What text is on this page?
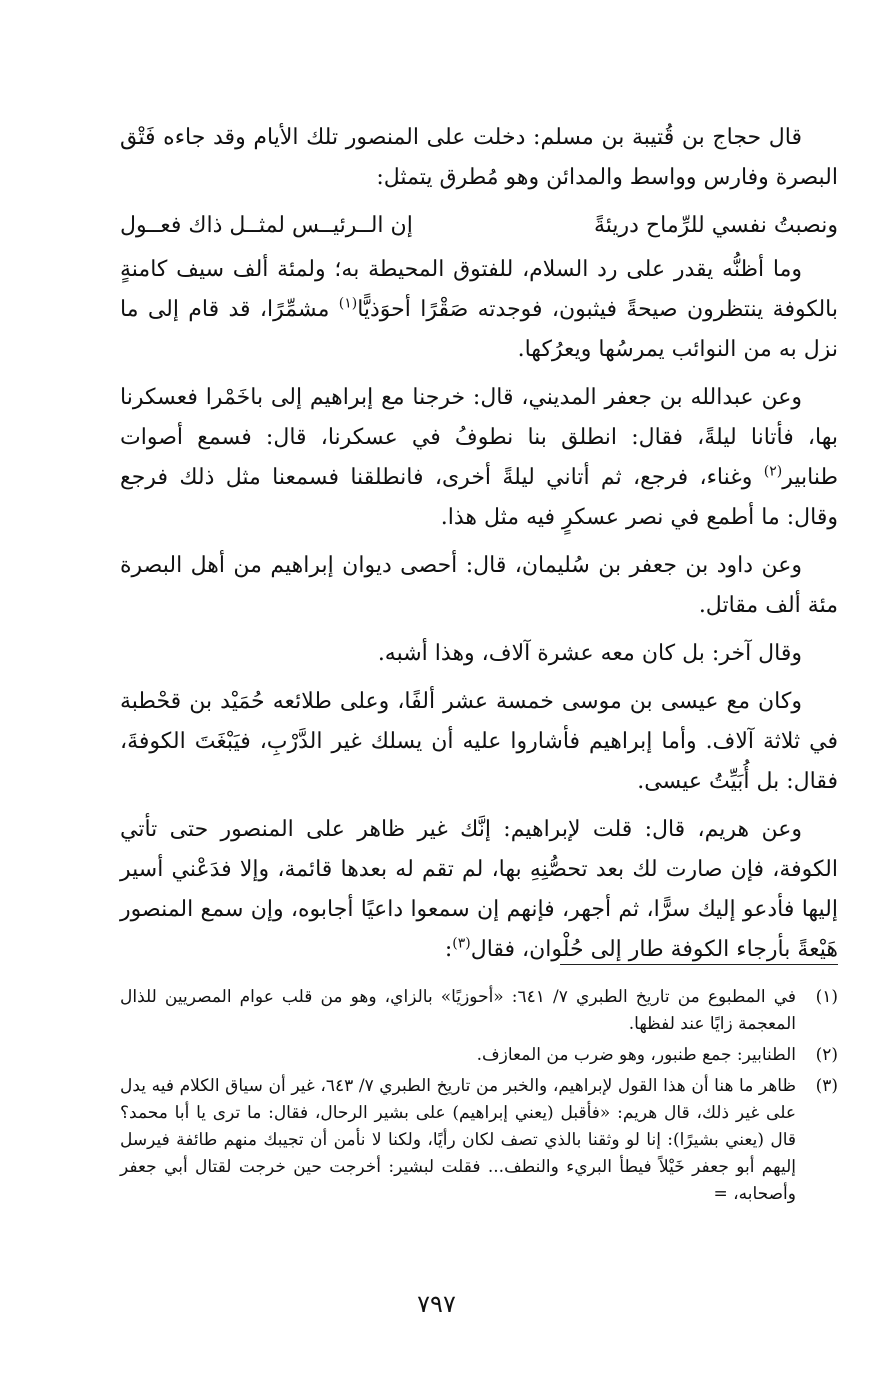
قال حجاج بن قُتيبة بن مسلم: دخلت على المنصور تلك الأيام وقد جاءه فَتْق البصرة وفارس وواسط والمدائن وهو مُطرق يتمثل:

ونصبتُ نفسي للرِّماح دريئةً
إن الــرئيــس لمثــل ذاك فعــول

وما أظنُّه يقدر على رد السلام، للفتوق المحيطة به؛ ولمئة ألف سيف كامنةٍ بالكوفة ينتظرون صيحةً فيثبون، فوجدته صَقْرًا أحوَذيًّا$^{(١)}$ مشمِّرًا، قد قام إلى ما نزل به من النوائب يمرسُها ويعرُكها.

وعن عبدالله بن جعفر المديني، قال: خرجنا مع إبراهيم إلى باخَمْرا فعسكرنا بها، فأتانا ليلةً، فقال: انطلق بنا نطوفُ في عسكرنا، قال: فسمع أصوات طنابير$^{(٢)}$ وغناء، فرجع، ثم أتاني ليلةً أخرى، فانطلقنا فسمعنا مثل ذلك فرجع وقال: ما أطمع في نصر عسكرٍ فيه مثل هذا.

وعن داود بن جعفر بن سُليمان، قال: أحصى ديوان إبراهيم من أهل البصرة مئة ألف مقاتل.

وقال آخر: بل كان معه عشرة آلاف، وهذا أشبه.

وكان مع عيسى بن موسى خمسة عشر ألفًا، وعلى طلائعه حُمَيْد بن قحْطبة في ثلاثة آلاف. وأما إبراهيم فأشاروا عليه أن يسلك غير الدَّرْبِ، فيَبْغَتَ الكوفةَ، فقال: بل أُبَيِّتُ عيسى.

وعن هريم، قال: قلت لإبراهيم: إنَّك غير ظاهر على المنصور حتى تأتي الكوفة، فإن صارت لك بعد تحصُّنِهِ بها، لم تقم له بعدها قائمة، وإلا فدَعْني أسير إليها فأدعو إليك سرًّا، ثم أجهر، فإنهم إن سمعوا داعيًا أجابوه، وإن سمع المنصور هَيْعةً بأرجاء الكوفة طار إلى حُلْوان، فقال$^{(٣)}$:

(١)
في المطبوع من تاريخ الطبري ٧/ ٦٤١: «أحوزيًا» بالزاي، وهو من قلب عوام المصريين للذال المعجمة زايًا عند لفظها.
(٢)
الطنابير: جمع طنبور، وهو ضرب من المعازف.
(٣)
ظاهر ما هنا أن هذا القول لإبراهيم، والخبر من تاريخ الطبري ٧/ ٦٤٣، غير أن سياق الكلام فيه يدل على غير ذلك، قال هريم: «فأقبل (يعني إبراهيم) على بشير الرحال، فقال: ما ترى يا أبا محمد؟ قال (يعني بشيرًا): إنا لو وثقنا بالذي تصف لكان رأيًا، ولكنا لا نأمن أن تجيبك منهم طائفة فيرسل إليهم أبو جعفر خَيْلاً فيطأ البريء والنطف... فقلت لبشير: أخرجت حين خرجت لقتال أبي جعفر وأصحابه، =
٧٩٧
